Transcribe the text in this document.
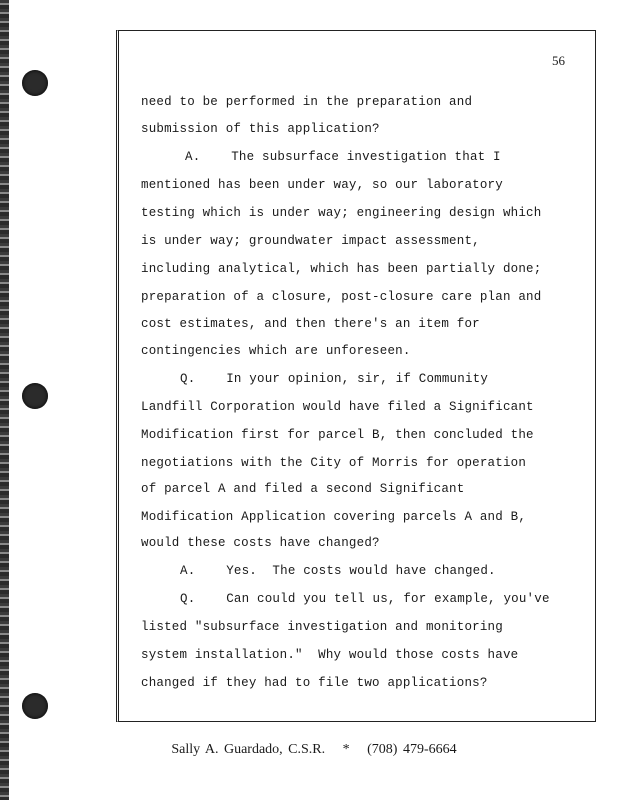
56
need to be performed in the preparation and
submission of this application?
A.    The subsurface investigation that I
mentioned has been under way, so our laboratory
testing which is under way; engineering design which
is under way; groundwater impact assessment,
including analytical, which has been partially done;
preparation of a closure, post-closure care plan and
cost estimates, and then there's an item for
contingencies which are unforeseen.
Q.    In your opinion, sir, if Community
Landfill Corporation would have filed a Significant
Modification first for parcel B, then concluded the
negotiations with the City of Morris for operation
of parcel A and filed a second Significant
Modification Application covering parcels A and B,
would these costs have changed?
A.    Yes.  The costs would have changed.
Q.    Can could you tell us, for example, you've
listed "subsurface investigation and monitoring
system installation."  Why would those costs have
changed if they had to file two applications?
Sally A. Guardado, C.S.R. * (708) 479-6664
